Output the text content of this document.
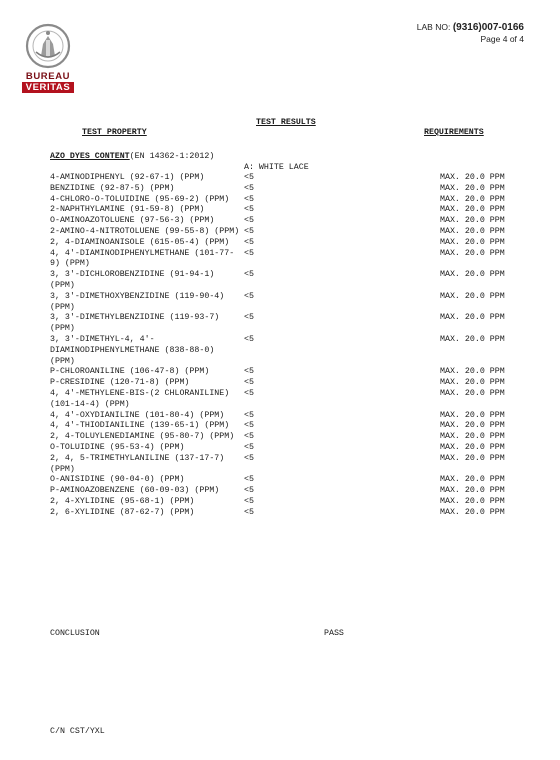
BUREAU
VERITAS
LAB NO: (9316)007-0166
Page 4 of 4
TEST RESULTS
TEST PROPERTY	REQUIREMENTS
AZO DYES CONTENT(EN 14362-1:2012)
A: WHITE LACE
4-AMINODIPHENYL (92-67-1) (PPM)	<5	MAX. 20.0 PPM
BENZIDINE (92-87-5) (PPM)	<5	MAX. 20.0 PPM
4-CHLORO-O-TOLUIDINE (95-69-2) (PPM)	<5	MAX. 20.0 PPM
2-NAPHTHYLAMINE (91-59-8) (PPM)	<5	MAX. 20.0 PPM
O-AMINOAZOTOLUENE (97-56-3) (PPM)	<5	MAX. 20.0 PPM
2-AMINO-4-NITROTOLUENE (99-55-8) (PPM) <5	MAX. 20.0 PPM
2, 4-DIAMINOANISOLE (615-05-4) (PPM)	<5	MAX. 20.0 PPM
4, 4'-DIAMINODIPHENYLMETHANE (101-77-9) (PPM)
<5	MAX. 20.0 PPM
3, 3'-DICHLOROBENZIDINE (91-94-1) (PPM)
<5	MAX. 20.0 PPM
3, 3'-DIMETHOXYBENZIDINE (119-90-4) (PPM)
<5	MAX. 20.0 PPM
3, 3'-DIMETHYLBENZIDINE (119-93-7) (PPM)
<5	MAX. 20.0 PPM
3, 3'-DIMETHYL-4, 4'-DIAMINODIPHENYLMETHANE (838-88-0) (PPM)
<5	MAX. 20.0 PPM
P-CHLOROANILINE (106-47-8) (PPM)	<5	MAX. 20.0 PPM
P-CRESIDINE (120-71-8) (PPM)	<5	MAX. 20.0 PPM
4, 4'-METHYLENE-BIS-(2 CHLORANILINE) (101-14-4) (PPM)
<5	MAX. 20.0 PPM
4, 4'-OXYDIANILINE (101-80-4) (PPM)	<5	MAX. 20.0 PPM
4, 4'-THIODIANILINE (139-65-1) (PPM)	<5	MAX. 20.0 PPM
2, 4-TOLUYLENEDIAMINE (95-80-7) (PPM)	<5	MAX. 20.0 PPM
O-TOLUIDINE (95-53-4) (PPM)	<5	MAX. 20.0 PPM
2, 4, 5-TRIMETHYLANILINE (137-17-7) (PPM)
<5	MAX. 20.0 PPM
O-ANISIDINE (90-04-0) (PPM)	<5	MAX. 20.0 PPM
P-AMINOAZOBENZENE (60-09-03) (PPM)	<5	MAX. 20.0 PPM
2, 4-XYLIDINE (95-68-1) (PPM)	<5	MAX. 20.0 PPM
2, 6-XYLIDINE (87-62-7) (PPM)	<5	MAX. 20.0 PPM
CONCLUSION	PASS
C/N CST/YXL
